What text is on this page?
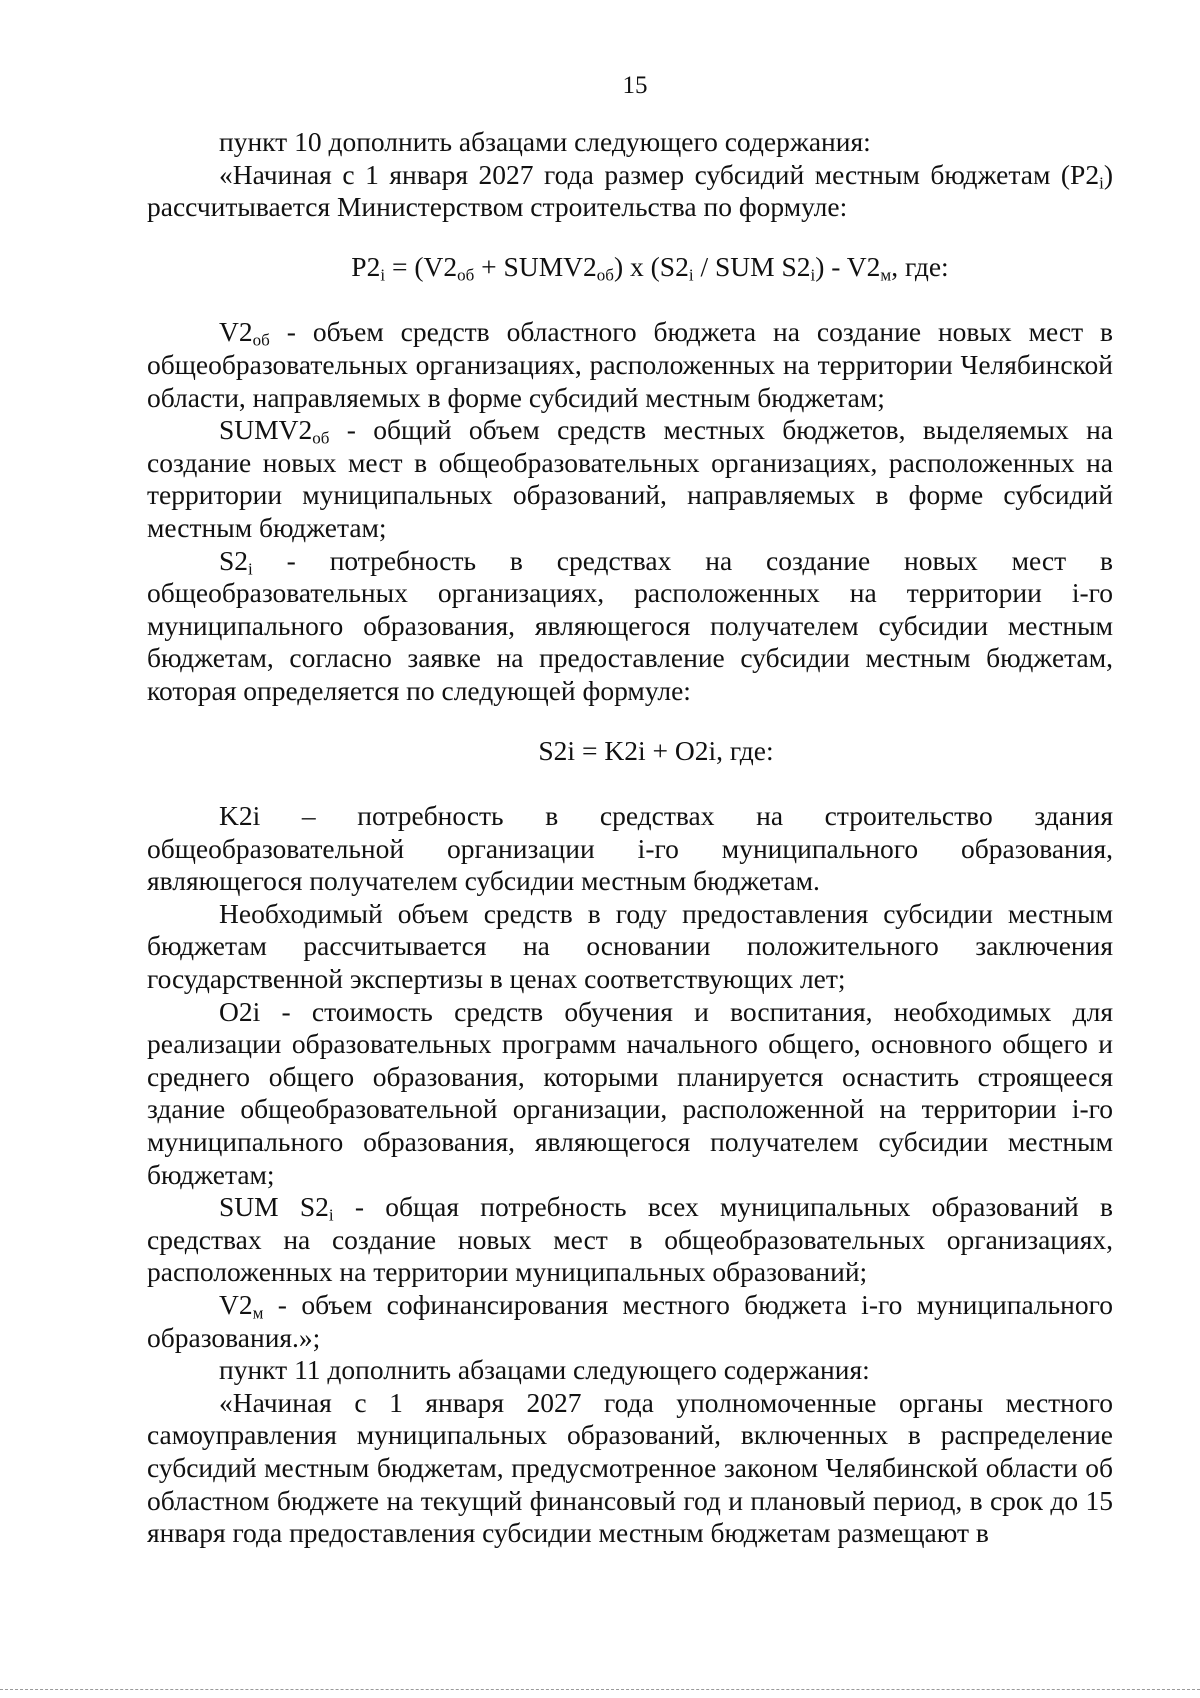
15

пункт 10 дополнить абзацами следующего содержания:

«Начиная с 1 января 2027 года размер субсидий местным бюджетам $(P2_i)$ рассчитывается Министерством строительства по формуле:

$P2_i = (V2_{об}$ + $SUMV2_{об}$) x ($S2_i$ / SUM $S2_i) - V2_м$, где:

$V2_{об}$ - объем средств областного бюджета на создание новых мест в общеобразовательных организациях, расположенных на территории Челябинской области, направляемых в форме субсидий местным бюджетам;

$SUMV2_{об}$ - общий объем средств местных бюджетов, выделяемых на создание новых мест в общеобразовательных организациях, расположенных на территории муниципальных образований, направляемых в форме субсидий местным бюджетам;

$S2_i$ - потребность в средствах на создание новых мест в общеобразовательных организациях, расположенных на территории i-го муниципального образования, являющегося получателем субсидии местным бюджетам, согласно заявке на предоставление субсидии местным бюджетам, которая определяется по следующей формуле:

S2i = K2i + O2i, где:

K2i – потребность в средствах на строительство здания общеобразовательной организации i-го муниципального образования, являющегося получателем субсидии местным бюджетам.

Необходимый объем средств в году предоставления субсидии местным бюджетам рассчитывается на основании положительного заключения государственной экспертизы в ценах соответствующих лет;

O2i - стоимость средств обучения и воспитания, необходимых для реализации образовательных программ начального общего, основного общего и среднего общего образования, которыми планируется оснастить строящееся здание общеобразовательной организации, расположенной на территории i-го муниципального образования, являющегося получателем субсидии местным бюджетам;

SUM $S2_i$ - общая потребность всех муниципальных образований в средствах на создание новых мест в общеобразовательных организациях, расположенных на территории муниципальных образований;

$V2_м$ - объем софинансирования местного бюджета i-го муниципального образования.»;

пункт 11 дополнить абзацами следующего содержания:

«Начиная с 1 января 2027 года уполномоченные органы местного самоуправления муниципальных образований, включенных в распределение субсидий местным бюджетам, предусмотренное законом Челябинской области об областном бюджете на текущий финансовый год и плановый период, в срок до 15 января года предоставления субсидии местным бюджетам размещают в
